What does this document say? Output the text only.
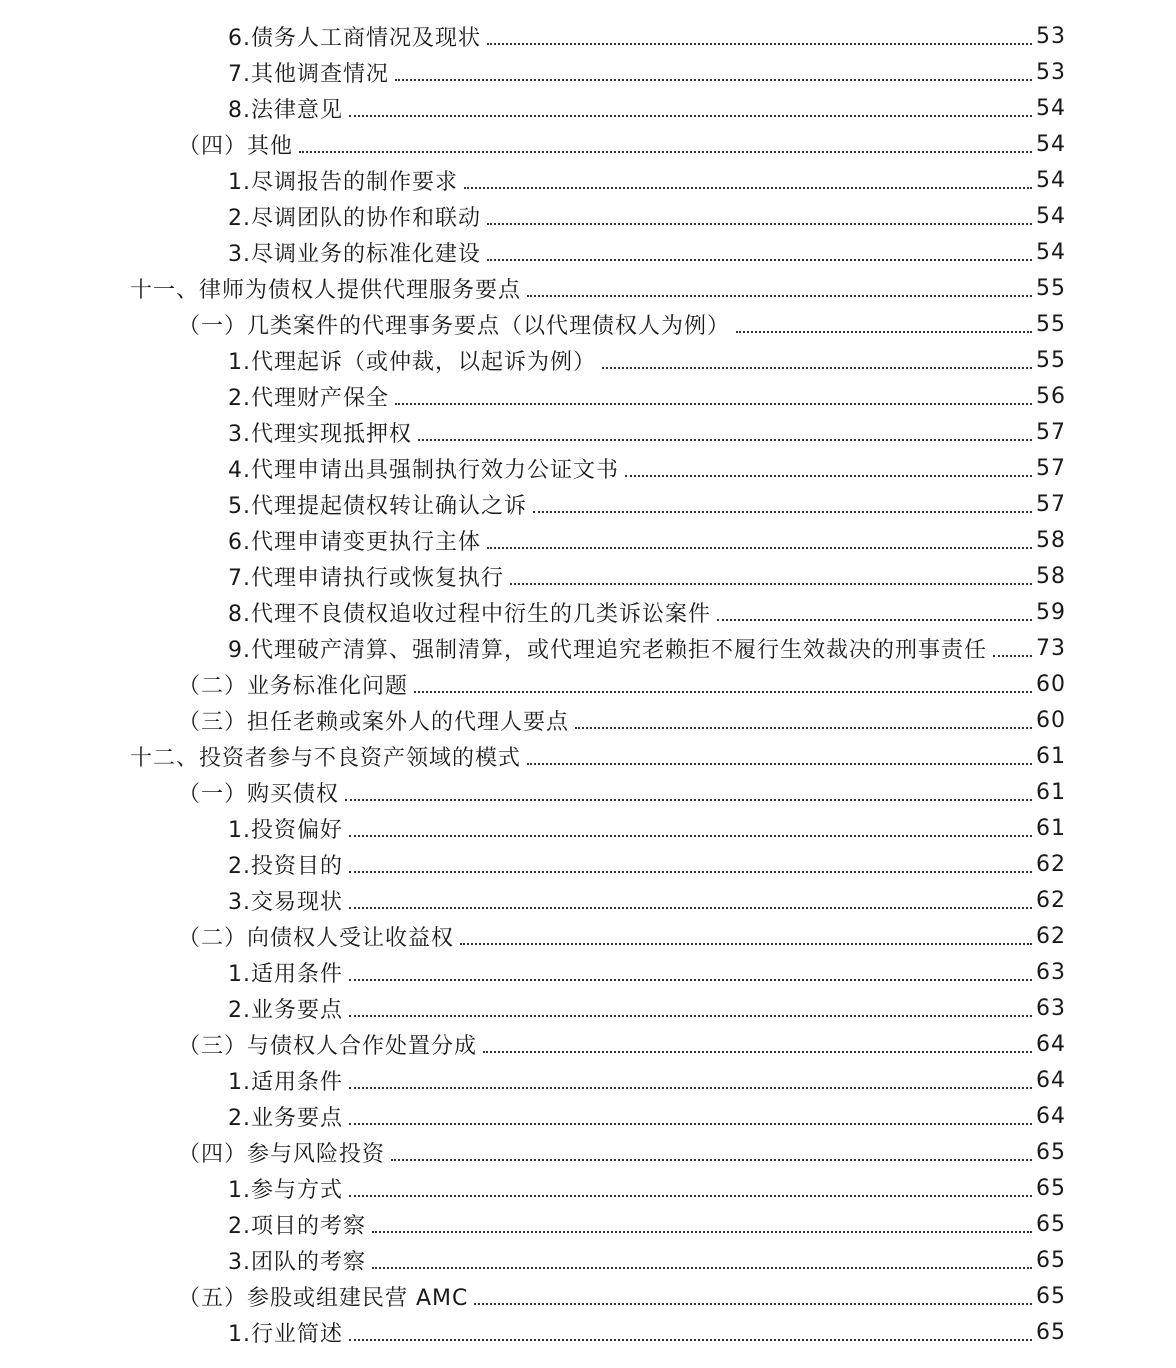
6.债务人工商情况及现状	53
7.其他调查情况	53
8.法律意见	54
（四）其他	54
1.尽调报告的制作要求	54
2.尽调团队的协作和联动	54
3.尽调业务的标准化建设	54
十一、律师为债权人提供代理服务要点	55
（一）几类案件的代理事务要点（以代理债权人为例）	55
1.代理起诉（或仲裁，以起诉为例）	55
2.代理财产保全	56
3.代理实现抵押权	57
4.代理申请出具强制执行效力公证文书	57
5.代理提起债权转让确认之诉	57
6.代理申请变更执行主体	58
7.代理申请执行或恢复执行	58
8.代理不良债权追收过程中衍生的几类诉讼案件	59
9.代理破产清算、强制清算，或代理追究老赖拒不履行生效裁决的刑事责任 73
（二）业务标准化问题	60
（三）担任老赖或案外人的代理人要点	60
十二、投资者参与不良资产领域的模式	61
（一）购买债权	61
1.投资偏好	61
2.投资目的	62
3.交易现状	62
（二）向债权人受让收益权	62
1.适用条件	63
2.业务要点	63
（三）与债权人合作处置分成	64
1.适用条件	64
2.业务要点	64
（四）参与风险投资	65
1.参与方式	65
2.项目的考察	65
3.团队的考察	65
（五）参股或组建民营 AMC	65
1.行业简述	65
